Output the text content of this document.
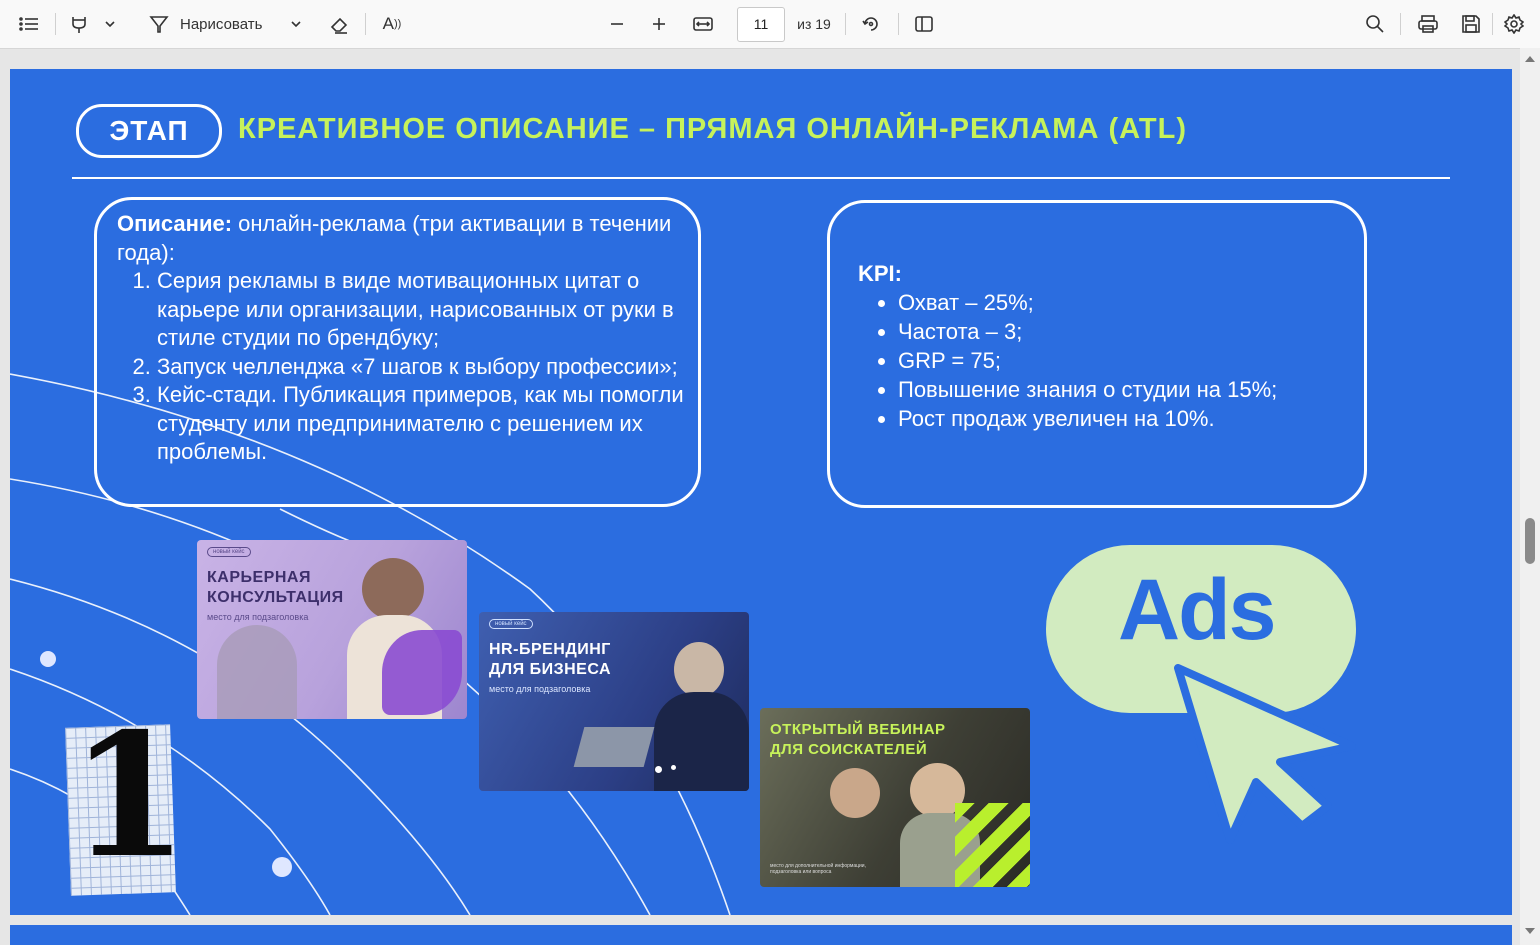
Нарисовать	A ))	11	из 19
ЭТАП	КРЕАТИВНОЕ ОПИСАНИЕ – ПРЯМАЯ ОНЛАЙН-РЕКЛАМА (ATL)
Описание: онлайн-реклама (три активации в течении года):
1. Серия рекламы в виде мотивационных цитат о карьере или организации, нарисованных от руки в стиле студии по брендбуку;
2. Запуск челленджа «7 шагов к выбору профессии»;
3. Кейс-стади. Публикация примеров, как мы помогли студенту или предпринимателю с решением их проблемы.
KPI:
• Охват – 25%;
• Частота – 3;
• GRP = 75;
• Повышение знания о студии на 15%;
• Рост продаж увеличен на 10%.
новый кейс
КАРЬЕРНАЯ
КОНСУЛЬТАЦИЯ
место для подзаголовка
новый кейс
HR-БРЕНДИНГ
ДЛЯ БИЗНЕСА
место для подзаголовка
ОТКРЫТЫЙ ВЕБИНАР
ДЛЯ СОИСКАТЕЛЕЙ
место для дополнительной информации, подзаголовка или вопроса
Ads
1
